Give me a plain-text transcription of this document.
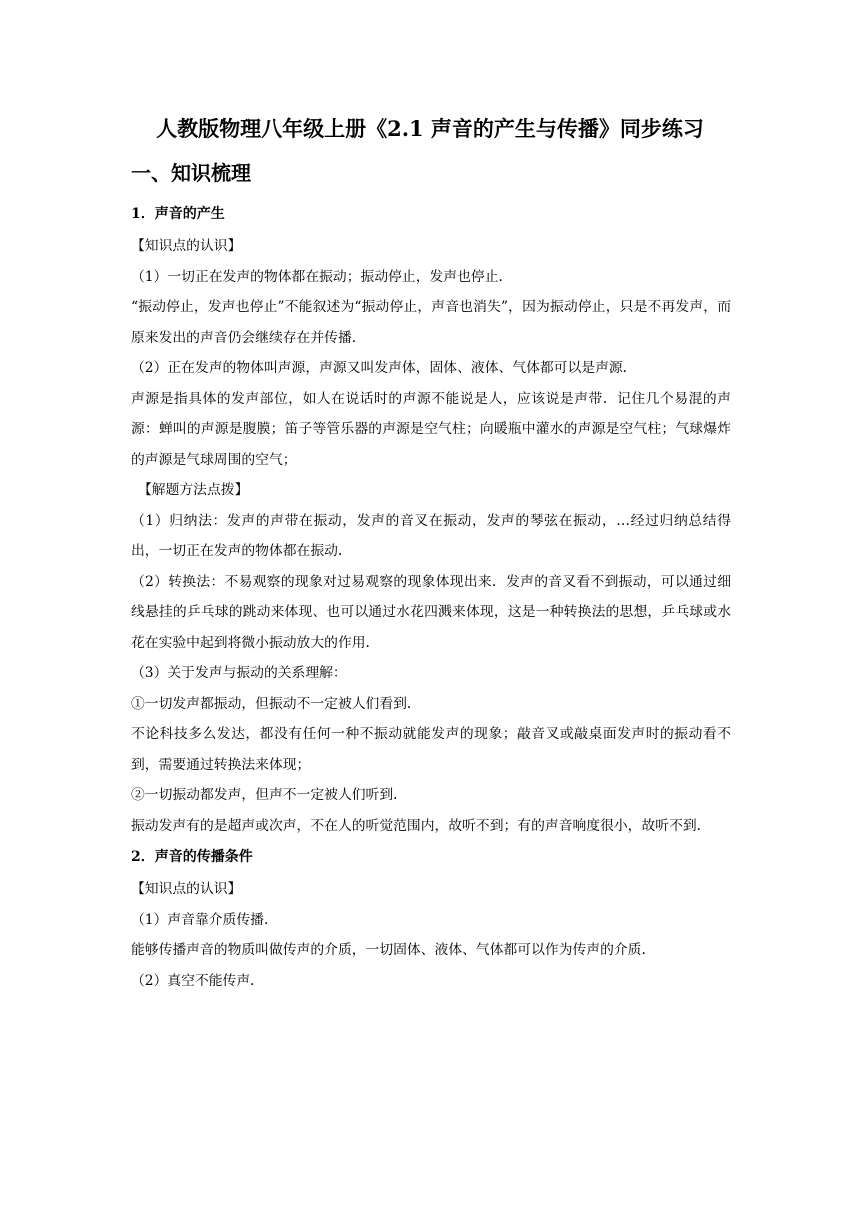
人教版物理八年级上册《2.1 声音的产生与传播》同步练习
一、知识梳理
1．声音的产生

【知识点的认识】

（1）一切正在发声的物体都在振动；振动停止，发声也停止．

“振动停止，发声也停止”不能叙述为“振动停止，声音也消失”，因为振动停止，只是不再发声，而原来发出的声音仍会继续存在并传播．

（2）正在发声的物体叫声源，声源又叫发声体，固体、液体、气体都可以是声源．

声源是指具体的发声部位，如人在说话时的声源不能说是人，应该说是声带．记住几个易混的声源：蝉叫的声源是腹膜；笛子等管乐器的声源是空气柱；向暖瓶中灌水的声源是空气柱；气球爆炸的声源是气球周围的空气；

【解题方法点拨】

（1）归纳法：发声的声带在振动，发声的音叉在振动，发声的琴弦在振动，…经过归纳总结得出，一切正在发声的物体都在振动．

（2）转换法：不易观察的现象对过易观察的现象体现出来．发声的音叉看不到振动，可以通过细线悬挂的乒乓球的跳动来体现、也可以通过水花四溅来体现，这是一种转换法的思想，乒乓球或水花在实验中起到将微小振动放大的作用．

（3）关于发声与振动的关系理解：

①一切发声都振动，但振动不一定被人们看到．

不论科技多么发达，都没有任何一种不振动就能发声的现象；敲音叉或敲桌面发声时的振动看不到，需要通过转换法来体现；

②一切振动都发声，但声不一定被人们听到．

振动发声有的是超声或次声，不在人的听觉范围内，故听不到；有的声音响度很小，故听不到．

2．声音的传播条件

【知识点的认识】

（1）声音靠介质传播．

能够传播声音的物质叫做传声的介质，一切固体、液体、气体都可以作为传声的介质．

（2）真空不能传声．
